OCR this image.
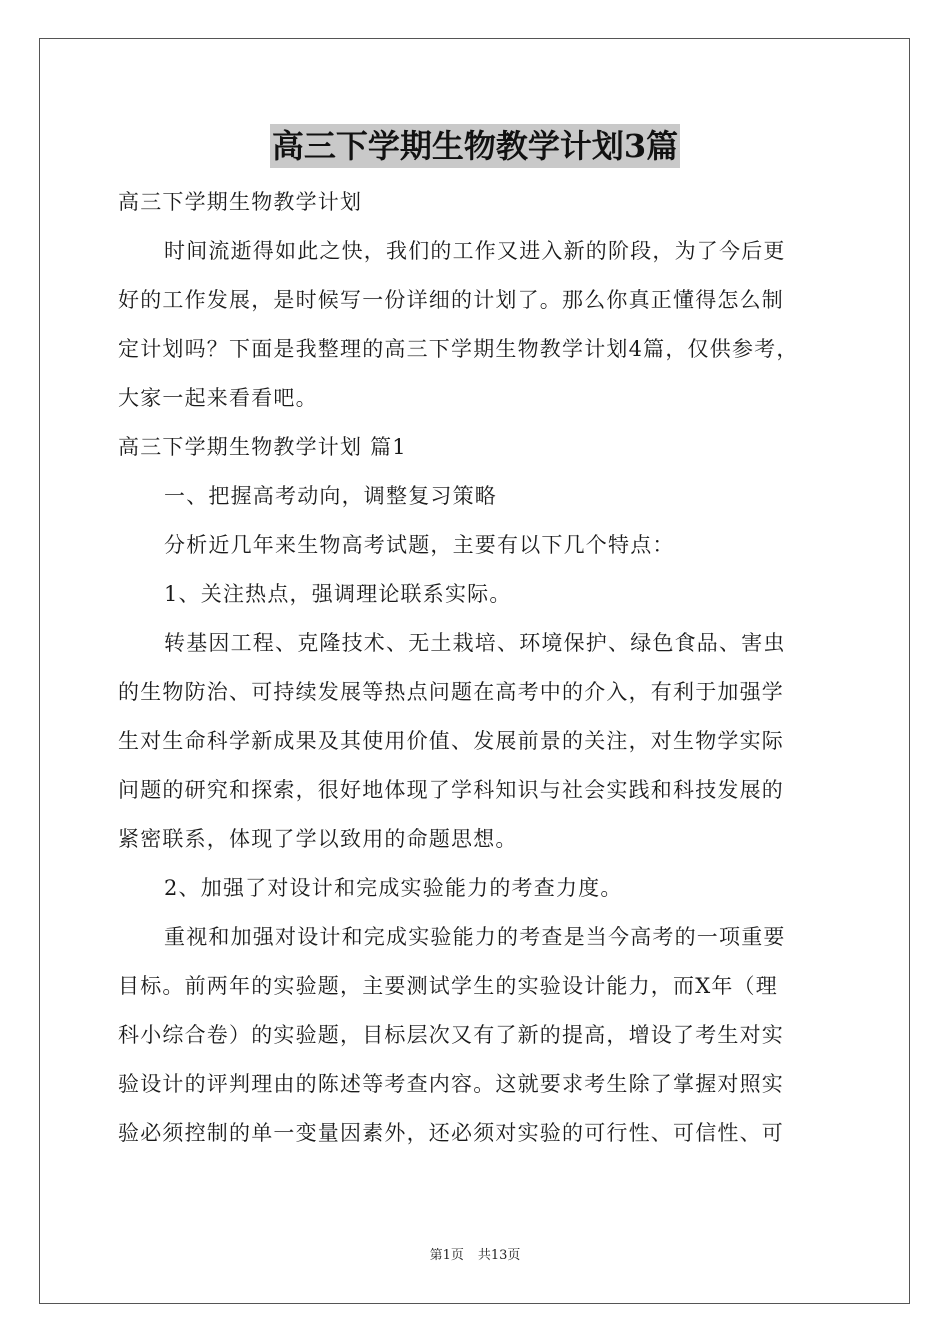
高三下学期生物教学计划3篇
高三下学期生物教学计划
时间流逝得如此之快，我们的工作又进入新的阶段，为了今后更
好的工作发展，是时候写一份详细的计划了。那么你真正懂得怎么制
定计划吗？下面是我整理的高三下学期生物教学计划4篇，仅供参考，
大家一起来看看吧。
高三下学期生物教学计划 篇1
一、把握高考动向，调整复习策略
分析近几年来生物高考试题，主要有以下几个特点：
1、关注热点，强调理论联系实际。
转基因工程、克隆技术、无土栽培、环境保护、绿色食品、害虫
的生物防治、可持续发展等热点问题在高考中的介入，有利于加强学
生对生命科学新成果及其使用价值、发展前景的关注，对生物学实际
问题的研究和探索，很好地体现了学科知识与社会实践和科技发展的
紧密联系，体现了学以致用的命题思想。
2、加强了对设计和完成实验能力的考查力度。
重视和加强对设计和完成实验能力的考查是当今高考的一项重要
目标。前两年的实验题，主要测试学生的实验设计能力，而X年（理
科小综合卷）的实验题，目标层次又有了新的提高，增设了考生对实
验设计的评判理由的陈述等考查内容。这就要求考生除了掌握对照实
验必须控制的单一变量因素外，还必须对实验的可行性、可信性、可
第1页 共13页
